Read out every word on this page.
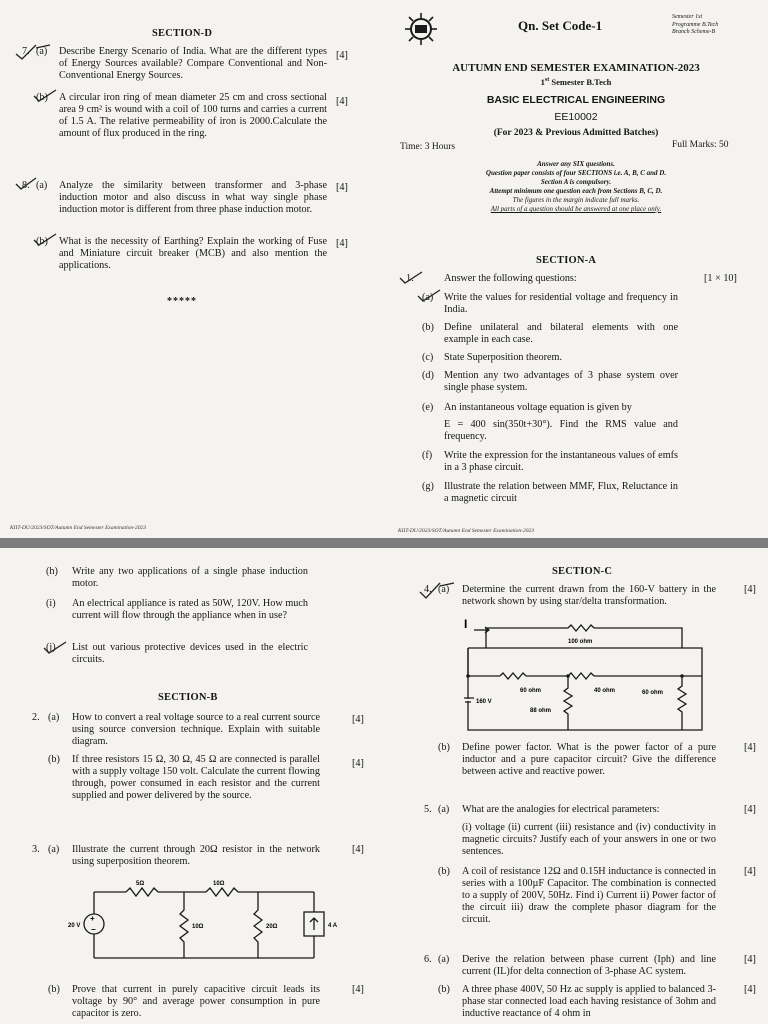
SECTION-D
7. (a) Describe Energy Scenario of India. What are the different types of Energy Sources available? Compare Conventional and Non-Conventional Energy Sources.
[4]
(b) A circular iron ring of mean diameter 25 cm and cross sectional area 9 cm² is wound with a coil of 100 turns and carries a current of 1.5 A. The relative permeability of iron is 2000.Calculate the amount of flux produced in the ring.
[4]
8. (a) Analyze the similarity between transformer and 3-phase induction motor and also discuss in what way single phase induction motor is different from three phase induction motor.
[4]
(b) What is the necessity of Earthing? Explain the working of Fuse and Miniature circuit breaker (MCB) and also mention the applications.
[4]
*****
KIIT-DU/2023/SOT/Autumn End Semester Examination-2023
Qn. Set Code-1
Semester 1st
Programme B.Tech
Branch Scheme-B
AUTUMN END SEMESTER EXAMINATION-2023
1st Semester B.Tech
BASIC ELECTRICAL ENGINEERING
EE10002
(For 2023 & Previous Admitted Batches)
Time: 3 Hours	Full Marks: 50
Answer any SIX questions.
Question paper consists of four SECTIONS i.e. A, B, C and D.
Section A is compulsory.
Attempt minimum one question each from Sections B, C, D.
The figures in the margin indicate full marks.
All parts of a question should be answered at one place only.
SECTION-A
1.	Answer the following questions:	[1 × 10]
(a) Write the values for residential voltage and frequency in India.
(b) Define unilateral and bilateral elements with one example in each case.
(c) State Superposition theorem.
(d) Mention any two advantages of 3 phase system over single phase system.
(e) An instantaneous voltage equation is given by
E = 400 sin(350t+30°). Find the RMS value and frequency.
(f) Write the expression for the instantaneous values of emfs in a 3 phase circuit.
(g) Illustrate the relation between MMF, Flux, Reluctance in a magnetic circuit
KIIT-DU/2023/SOT/Autumn End Semester Examination-2023
(h) Write any two applications of a single phase induction motor.
(i) An electrical appliance is rated as 50W, 120V. How much current will flow through the appliance when in use?
(j) List out various protective devices used in the electric circuits.
SECTION-B
2. (a) How to convert a real voltage source to a real current source using source conversion technique. Explain with suitable diagram.
[4]
(b) If three resistors 15 Ω, 30 Ω, 45 Ω are connected is parallel with a supply voltage 150 volt. Calculate the current flowing through, power consumed in each resistor and the current supplied and power delivered by the source.
[4]
3. (a) Illustrate the current through 20Ω resistor in the network using superposition theorem.
[4]
+
−
20 V
5Ω	10Ω
10Ω	20Ω	4 A
(b) Prove that current in purely capacitive circuit leads its voltage by 90° and average power consumption in pure capacitor is zero.
[4]
SECTION-C
4. (a) Determine the current drawn from the 160-V battery in the network shown by using star/delta transformation.
[4]
I
100 ohm
60 ohm	40 ohm	60 ohm
88 ohm
160 V
(b) Define power factor. What is the power factor of a pure inductor and a pure capacitor circuit? Give the difference between active and reactive power.
[4]
5. (a) What are the analogies for electrical parameters:	[4]
(i) voltage (ii) current (iii) resistance and (iv) conductivity in magnetic circuits? Justify each of your answers in one or two sentences.
(b) A coil of resistance 12Ω and 0.15H inductance is connected in series with a 100µF Capacitor. The combination is connected to a supply of 200V, 50Hz. Find i) Current ii) Power factor of the circuit iii) draw the complete phasor diagram for the circuit.
[4]
6. (a) Derive the relation between phase current (Iph) and line current (IL)for delta connection of 3-phase AC system.
[4]
(b) A three phase 400V, 50 Hz ac supply is applied to balanced 3-phase star connected load each having resistance of 3ohm and inductive reactance of 4 ohm in
[4]
